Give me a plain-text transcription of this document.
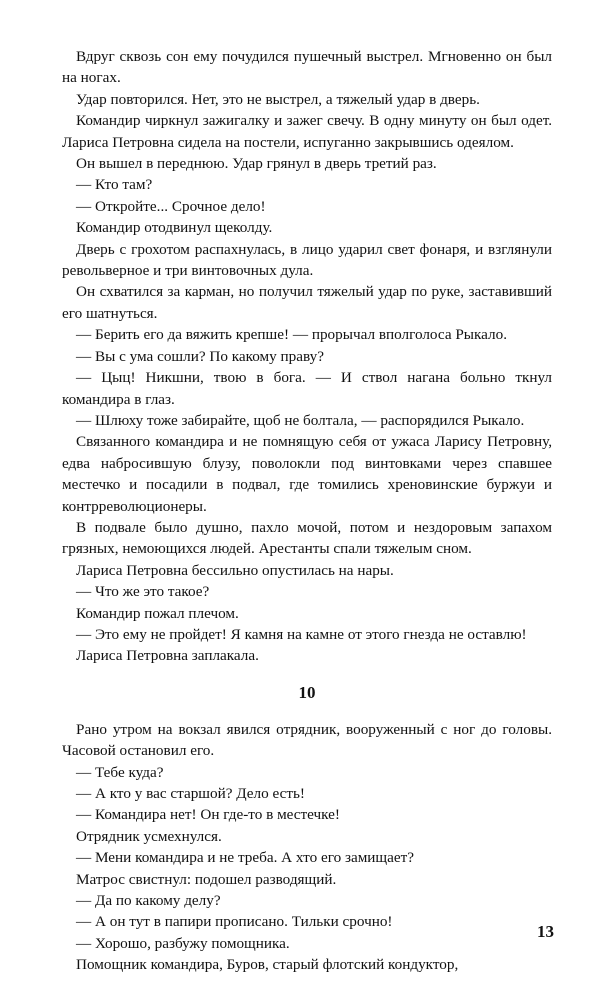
Вдруг сквозь сон ему почудился пушечный выстрел. Мгновенно он был на ногах.

Удар повторился. Нет, это не выстрел, а тяжелый удар в дверь.

Командир чиркнул зажигалку и зажег свечу. В одну минуту он был одет. Лариса Петровна сидела на постели, испуганно закрывшись одеялом.

Он вышел в переднюю. Удар грянул в дверь третий раз.

— Кто там?

— Откройте... Срочное дело!

Командир отодвинул щеколду.

Дверь с грохотом распахнулась, в лицо ударил свет фонаря, и взглянули револьверное и три винтовочных дула.

Он схватился за карман, но получил тяжелый удар по руке, заставивший его шатнуться.

— Берить его да вяжить крепше! — прорычал вполголоса Рыкало.

— Вы с ума сошли? По какому праву?

— Цыц! Никшни, твою в бога. — И ствол нагана больно ткнул командира в глаз.

— Шлюху тоже забирайте, щоб не болтала, — распорядился Рыкало.

Связанного командира и не помнящую себя от ужаса Ларису Петровну, едва набросившую блузу, поволокли под винтовками через спавшее местечко и посадили в подвал, где томились хреновинские буржуи и контрреволюционеры.

В подвале было душно, пахло мочой, потом и нездоровым запахом грязных, немоющихся людей. Арестанты спали тяжелым сном.

Лариса Петровна бессильно опустилась на нары.

— Что же это такое?

Командир пожал плечом.

— Это ему не пройдет! Я камня на камне от этого гнезда не оставлю!

Лариса Петровна заплакала.

10

Рано утром на вокзал явился отрядник, вооруженный с ног до головы. Часовой остановил его.

— Тебе куда?

— А кто у вас старшой? Дело есть!

— Командира нет! Он где-то в местечке!

Отрядник усмехнулся.

— Мени командира и не треба. А хто его замищает?

Матрос свистнул: подошел разводящий.

— Да по какому делу?

— А он тут в папири прописано. Тильки срочно!

— Хорошо, разбужу помощника.

Помощник командира, Буров, старый флотский кондуктор,

13
